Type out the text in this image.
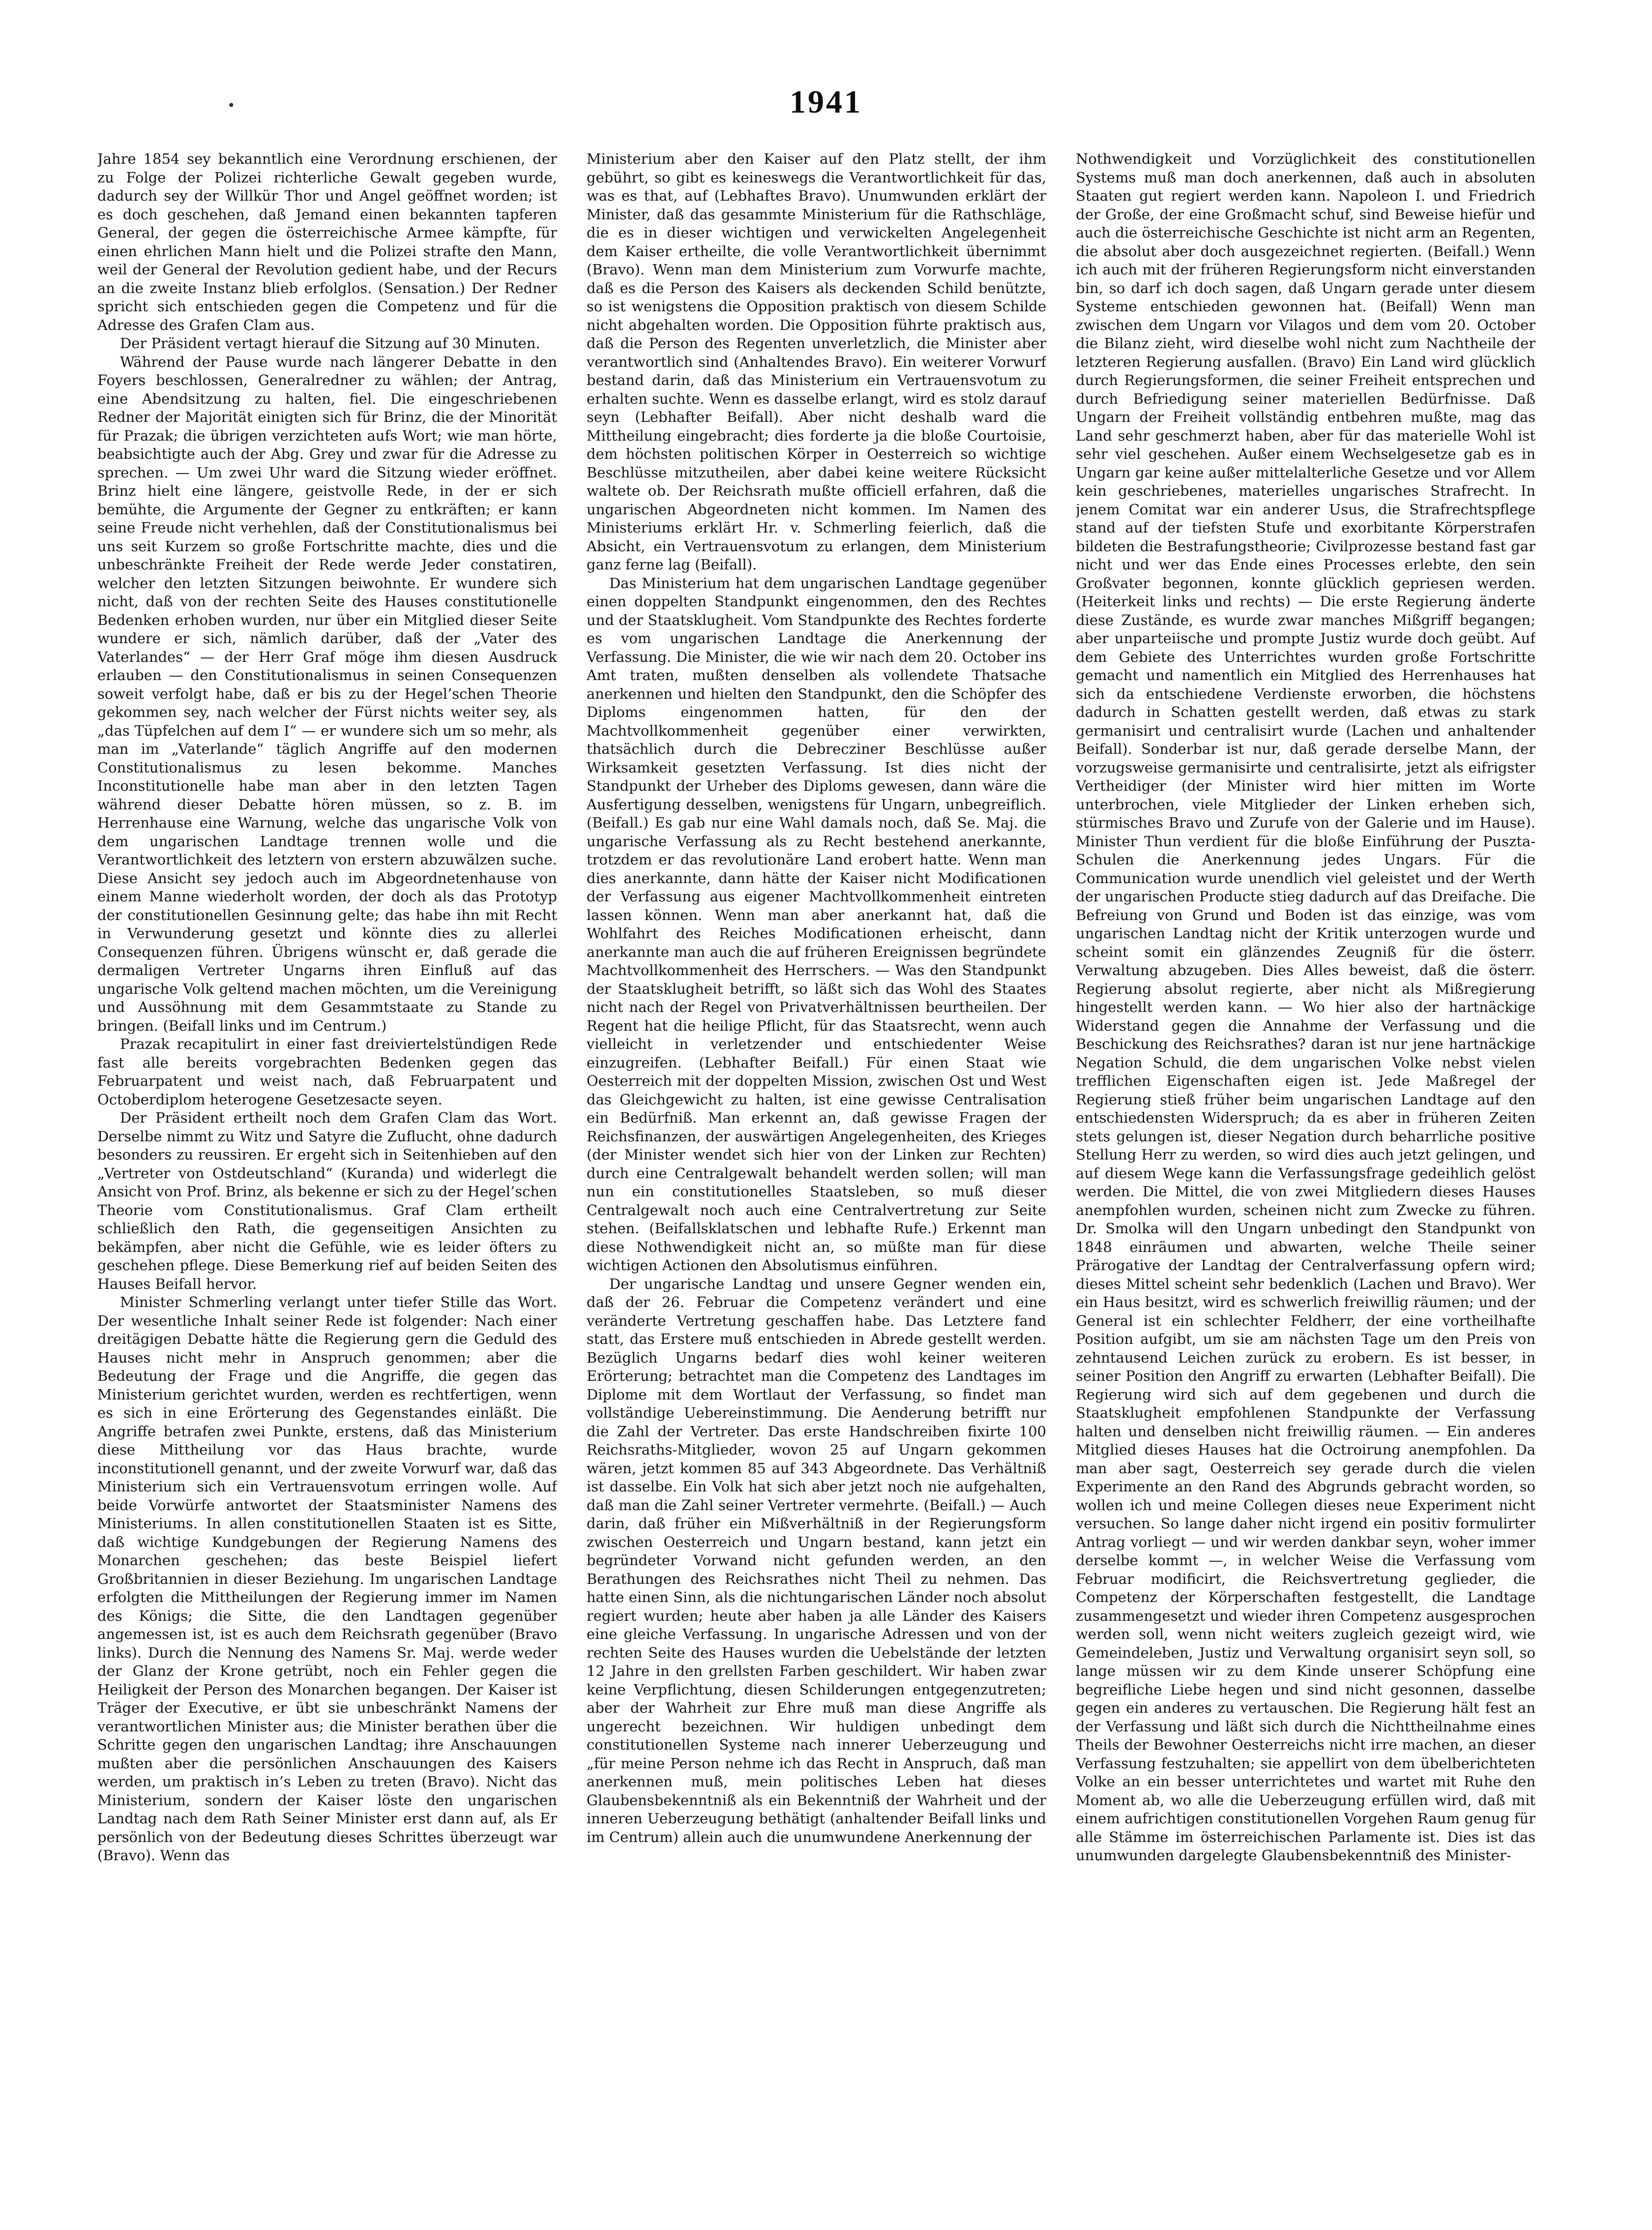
•	1941

Jahre 1854 sey bekanntlich eine Verordnung erschienen, der zu Folge der Polizei richterliche Gewalt gegeben wurde, dadurch sey der Willkür Thor und Angel geöffnet worden; ist es doch geschehen, daß Jemand einen bekannten tapferen General, der gegen die österreichische Armee kämpfte, für einen ehrlichen Mann hielt und die Polizei strafte den Mann, weil der General der Revolution gedient habe, und der Recurs an die zweite Instanz blieb erfolglos. (Sensation.) Der Redner spricht sich entschieden gegen die Competenz und für die Adresse des Grafen Clam aus.

Der Präsident vertagt hierauf die Sitzung auf 30 Minuten.

Während der Pause wurde nach längerer Debatte in den Foyers beschlossen, Generalredner zu wählen; der Antrag, eine Abendsitzung zu halten, fiel. Die eingeschriebenen Redner der Majorität einigten sich für Brinz, die der Minorität für Prazak; die übrigen verzichteten aufs Wort; wie man hörte, beabsichtigte auch der Abg. Grey und zwar für die Adresse zu sprechen. — Um zwei Uhr ward die Sitzung wieder eröffnet. Brinz hielt eine längere, geistvolle Rede, in der er sich bemühte, die Argumente der Gegner zu entkräften; er kann seine Freude nicht verhehlen, daß der Constitutionalismus bei uns seit Kurzem so große Fortschritte machte, dies und die unbeschränkte Freiheit der Rede werde Jeder constatiren, welcher den letzten Sitzungen beiwohnte. Er wundere sich nicht, daß von der rechten Seite des Hauses constitutionelle Bedenken erhoben wurden, nur über ein Mitglied dieser Seite wundere er sich, nämlich darüber, daß der „Vater des Vaterlandes“ — der Herr Graf möge ihm diesen Ausdruck erlauben — den Constitutionalismus in seinen Consequenzen soweit verfolgt habe, daß er bis zu der Hegel’schen Theorie gekommen sey, nach welcher der Fürst nichts weiter sey, als „das Tüpfelchen auf dem I“ — er wundere sich um so mehr, als man im „Vaterlande“ täglich Angriffe auf den modernen Constitutionalismus zu lesen bekomme. Manches Inconstitutionelle habe man aber in den letzten Tagen während dieser Debatte hören müssen, so z. B. im Herrenhause eine Warnung, welche das ungarische Volk von dem ungarischen Landtage trennen wolle und die Verantwortlichkeit des letztern von erstern abzuwälzen suche. Diese Ansicht sey jedoch auch im Abgeordnetenhause von einem Manne wiederholt worden, der doch als das Prototyp der constitutionellen Gesinnung gelte; das habe ihn mit Recht in Verwunderung gesetzt und könnte dies zu allerlei Consequenzen führen. Übrigens wünscht er, daß gerade die dermaligen Vertreter Ungarns ihren Einfluß auf das ungarische Volk geltend machen möchten, um die Vereinigung und Aussöhnung mit dem Gesammtstaate zu Stande zu bringen. (Beifall links und im Centrum.)

Prazak recapitulirt in einer fast dreiviertelstündigen Rede fast alle bereits vorgebrachten Bedenken gegen das Februarpatent und weist nach, daß Februarpatent und Octoberdiplom heterogene Gesetzesacte seyen.

Der Präsident ertheilt noch dem Grafen Clam das Wort. Derselbe nimmt zu Witz und Satyre die Zuflucht, ohne dadurch besonders zu reussiren. Er ergeht sich in Seitenhieben auf den „Vertreter von Ostdeutschland“ (Kuranda) und widerlegt die Ansicht von Prof. Brinz, als bekenne er sich zu der Hegel’schen Theorie vom Constitutionalismus. Graf Clam ertheilt schließlich den Rath, die gegenseitigen Ansichten zu bekämpfen, aber nicht die Gefühle, wie es leider öfters zu geschehen pflege. Diese Bemerkung rief auf beiden Seiten des Hauses Beifall hervor.

Minister Schmerling verlangt unter tiefer Stille das Wort. Der wesentliche Inhalt seiner Rede ist folgender: Nach einer dreitägigen Debatte hätte die Regierung gern die Geduld des Hauses nicht mehr in Anspruch genommen; aber die Bedeutung der Frage und die Angriffe, die gegen das Ministerium gerichtet wurden, werden es rechtfertigen, wenn es sich in eine Erörterung des Gegenstandes einläßt. Die Angriffe betrafen zwei Punkte, erstens, daß das Ministerium diese Mittheilung vor das Haus brachte, wurde inconstitutionell genannt, und der zweite Vorwurf war, daß das Ministerium sich ein Vertrauensvotum erringen wolle. Auf beide Vorwürfe antwortet der Staatsminister Namens des Ministeriums. In allen constitutionellen Staaten ist es Sitte, daß wichtige Kundgebungen der Regierung Namens des Monarchen geschehen; das beste Beispiel liefert Großbritannien in dieser Beziehung. Im ungarischen Landtage erfolgten die Mittheilungen der Regierung immer im Namen des Königs; die Sitte, die den Landtagen gegenüber angemessen ist, ist es auch dem Reichsrath gegenüber (Bravo links). Durch die Nennung des Namens Sr. Maj. werde weder der Glanz der Krone getrübt, noch ein Fehler gegen die Heiligkeit der Person des Monarchen begangen. Der Kaiser ist Träger der Executive, er übt sie unbeschränkt Namens der verantwortlichen Minister aus; die Minister berathen über die Schritte gegen den ungarischen Landtag; ihre Anschauungen mußten aber die persönlichen Anschauungen des Kaisers werden, um praktisch in’s Leben zu treten (Bravo). Nicht das Ministerium, sondern der Kaiser löste den ungarischen Landtag nach dem Rath Seiner Minister erst dann auf, als Er persönlich von der Bedeutung dieses Schrittes überzeugt war (Bravo). Wenn das

Ministerium aber den Kaiser auf den Platz stellt, der ihm gebührt, so gibt es keineswegs die Verantwortlichkeit für das, was es that, auf (Lebhaftes Bravo). Unumwunden erklärt der Minister, daß das gesammte Ministerium für die Rathschläge, die es in dieser wichtigen und verwickelten Angelegenheit dem Kaiser ertheilte, die volle Verantwortlichkeit übernimmt (Bravo). Wenn man dem Ministerium zum Vorwurfe machte, daß es die Person des Kaisers als deckenden Schild benützte, so ist wenigstens die Opposition praktisch von diesem Schilde nicht abgehalten worden. Die Opposition führte praktisch aus, daß die Person des Regenten unverletzlich, die Minister aber verantwortlich sind (Anhaltendes Bravo). Ein weiterer Vorwurf bestand darin, daß das Ministerium ein Vertrauensvotum zu erhalten suchte. Wenn es dasselbe erlangt, wird es stolz darauf seyn (Lebhafter Beifall). Aber nicht deshalb ward die Mittheilung eingebracht; dies forderte ja die bloße Courtoisie, dem höchsten politischen Körper in Oesterreich so wichtige Beschlüsse mitzutheilen, aber dabei keine weitere Rücksicht waltete ob. Der Reichsrath mußte officiell erfahren, daß die ungarischen Abgeordneten nicht kommen. Im Namen des Ministeriums erklärt Hr. v. Schmerling feierlich, daß die Absicht, ein Vertrauensvotum zu erlangen, dem Ministerium ganz ferne lag (Beifall).

Das Ministerium hat dem ungarischen Landtage gegenüber einen doppelten Standpunkt eingenommen, den des Rechtes und der Staatsklugheit. Vom Standpunkte des Rechtes forderte es vom ungarischen Landtage die Anerkennung der Verfassung. Die Minister, die wie wir nach dem 20. October ins Amt traten, mußten denselben als vollendete Thatsache anerkennen und hielten den Standpunkt, den die Schöpfer des Diploms eingenommen hatten, für den der Machtvollkommenheit gegenüber einer verwirkten, thatsächlich durch die Debrecziner Beschlüsse außer Wirksamkeit gesetzten Verfassung. Ist dies nicht der Standpunkt der Urheber des Diploms gewesen, dann wäre die Ausfertigung desselben, wenigstens für Ungarn, unbegreiflich. (Beifall.) Es gab nur eine Wahl damals noch, daß Se. Maj. die ungarische Verfassung als zu Recht bestehend anerkannte, trotzdem er das revolutionäre Land erobert hatte. Wenn man dies anerkannte, dann hätte der Kaiser nicht Modificationen der Verfassung aus eigener Machtvollkommenheit eintreten lassen können. Wenn man aber anerkannt hat, daß die Wohlfahrt des Reiches Modificationen erheischt, dann anerkannte man auch die auf früheren Ereignissen begründete Machtvollkommenheit des Herrschers. — Was den Standpunkt der Staatsklugheit betrifft, so läßt sich das Wohl des Staates nicht nach der Regel von Privatverhältnissen beurtheilen. Der Regent hat die heilige Pflicht, für das Staatsrecht, wenn auch vielleicht in verletzender und entschiedenter Weise einzugreifen. (Lebhafter Beifall.) Für einen Staat wie Oesterreich mit der doppelten Mission, zwischen Ost und West das Gleichgewicht zu halten, ist eine gewisse Centralisation ein Bedürfniß. Man erkennt an, daß gewisse Fragen der Reichsfinanzen, der auswärtigen Angelegenheiten, des Krieges (der Minister wendet sich hier von der Linken zur Rechten) durch eine Centralgewalt behandelt werden sollen; will man nun ein constitutionelles Staatsleben, so muß dieser Centralgewalt noch auch eine Centralvertretung zur Seite stehen. (Beifallsklatschen und lebhafte Rufe.) Erkennt man diese Nothwendigkeit nicht an, so müßte man für diese wichtigen Actionen den Absolutismus einführen.

Der ungarische Landtag und unsere Gegner wenden ein, daß der 26. Februar die Competenz verändert und eine veränderte Vertretung geschaffen habe. Das Letztere fand statt, das Erstere muß entschieden in Abrede gestellt werden. Bezüglich Ungarns bedarf dies wohl keiner weiteren Erörterung; betrachtet man die Competenz des Landtages im Diplome mit dem Wortlaut der Verfassung, so findet man vollständige Uebereinstimmung. Die Aenderung betrifft nur die Zahl der Vertreter. Das erste Handschreiben fixirte 100 Reichsraths-Mitglieder, wovon 25 auf Ungarn gekommen wären, jetzt kommen 85 auf 343 Abgeordnete. Das Verhältniß ist dasselbe. Ein Volk hat sich aber jetzt noch nie aufgehalten, daß man die Zahl seiner Vertreter vermehrte. (Beifall.) — Auch darin, daß früher ein Mißverhältniß in der Regierungsform zwischen Oesterreich und Ungarn bestand, kann jetzt ein begründeter Vorwand nicht gefunden werden, an den Berathungen des Reichsrathes nicht Theil zu nehmen. Das hatte einen Sinn, als die nichtungarischen Länder noch absolut regiert wurden; heute aber haben ja alle Länder des Kaisers eine gleiche Verfassung. In ungarische Adressen und von der rechten Seite des Hauses wurden die Uebelstände der letzten 12 Jahre in den grellsten Farben geschildert. Wir haben zwar keine Verpflichtung, diesen Schilderungen entgegenzutreten; aber der Wahrheit zur Ehre muß man diese Angriffe als ungerecht bezeichnen. Wir huldigen unbedingt dem constitutionellen Systeme nach innerer Ueberzeugung und „für meine Person nehme ich das Recht in Anspruch, daß man anerkennen muß, mein politisches Leben hat dieses Glaubensbekenntniß als ein Bekenntniß der Wahrheit und der inneren Ueberzeugung bethätigt (anhaltender Beifall links und im Centrum) allein auch die unumwundene Anerkennung der

Nothwendigkeit und Vorzüglichkeit des constitutionellen Systems muß man doch anerkennen, daß auch in absoluten Staaten gut regiert werden kann. Napoleon I. und Friedrich der Große, der eine Großmacht schuf, sind Beweise hiefür und auch die österreichische Geschichte ist nicht arm an Regenten, die absolut aber doch ausgezeichnet regierten. (Beifall.) Wenn ich auch mit der früheren Regierungsform nicht einverstanden bin, so darf ich doch sagen, daß Ungarn gerade unter diesem Systeme entschieden gewonnen hat. (Beifall) Wenn man zwischen dem Ungarn vor Vilagos und dem vom 20. October die Bilanz zieht, wird dieselbe wohl nicht zum Nachtheile der letzteren Regierung ausfallen. (Bravo) Ein Land wird glücklich durch Regierungsformen, die seiner Freiheit entsprechen und durch Befriedigung seiner materiellen Bedürfnisse. Daß Ungarn der Freiheit vollständig entbehren mußte, mag das Land sehr geschmerzt haben, aber für das materielle Wohl ist sehr viel geschehen. Außer einem Wechselgesetze gab es in Ungarn gar keine außer mittelalterliche Gesetze und vor Allem kein geschriebenes, materielles ungarisches Strafrecht. In jenem Comitat war ein anderer Usus, die Strafrechtspflege stand auf der tiefsten Stufe und exorbitante Körperstrafen bildeten die Bestrafungstheorie; Civilprozesse bestand fast gar nicht und wer das Ende eines Processes erlebte, den sein Großvater begonnen, konnte glücklich gepriesen werden. (Heiterkeit links und rechts) — Die erste Regierung änderte diese Zustände, es wurde zwar manches Mißgriff begangen; aber unparteiische und prompte Justiz wurde doch geübt. Auf dem Gebiete des Unterrichtes wurden große Fortschritte gemacht und namentlich ein Mitglied des Herrenhauses hat sich da entschiedene Verdienste erworben, die höchstens dadurch in Schatten gestellt werden, daß etwas zu stark germanisirt und centralisirt wurde (Lachen und anhaltender Beifall). Sonderbar ist nur, daß gerade derselbe Mann, der vorzugsweise germanisirte und centralisirte, jetzt als eifrigster Vertheidiger (der Minister wird hier mitten im Worte unterbrochen, viele Mitglieder der Linken erheben sich, stürmisches Bravo und Zurufe von der Galerie und im Hause). Minister Thun verdient für die bloße Einführung der Puszta-Schulen die Anerkennung jedes Ungars. Für die Communication wurde unendlich viel geleistet und der Werth der ungarischen Producte stieg dadurch auf das Dreifache. Die Befreiung von Grund und Boden ist das einzige, was vom ungarischen Landtag nicht der Kritik unterzogen wurde und scheint somit ein glänzendes Zeugniß für die österr. Verwaltung abzugeben. Dies Alles beweist, daß die österr. Regierung absolut regierte, aber nicht als Mißregierung hingestellt werden kann. — Wo hier also der hartnäckige Widerstand gegen die Annahme der Verfassung und die Beschickung des Reichsrathes? daran ist nur jene hartnäckige Negation Schuld, die dem ungarischen Volke nebst vielen trefflichen Eigenschaften eigen ist. Jede Maßregel der Regierung stieß früher beim ungarischen Landtage auf den entschiedensten Widerspruch; da es aber in früheren Zeiten stets gelungen ist, dieser Negation durch beharrliche positive Stellung Herr zu werden, so wird dies auch jetzt gelingen, und auf diesem Wege kann die Verfassungsfrage gedeihlich gelöst werden. Die Mittel, die von zwei Mitgliedern dieses Hauses anempfohlen wurden, scheinen nicht zum Zwecke zu führen. Dr. Smolka will den Ungarn unbedingt den Standpunkt von 1848 einräumen und abwarten, welche Theile seiner Prärogative der Landtag der Centralverfassung opfern wird; dieses Mittel scheint sehr bedenklich (Lachen und Bravo). Wer ein Haus besitzt, wird es schwerlich freiwillig räumen; und der General ist ein schlechter Feldherr, der eine vortheilhafte Position aufgibt, um sie am nächsten Tage um den Preis von zehntausend Leichen zurück zu erobern. Es ist besser, in seiner Position den Angriff zu erwarten (Lebhafter Beifall). Die Regierung wird sich auf dem gegebenen und durch die Staatsklugheit empfohlenen Standpunkte der Verfassung halten und denselben nicht freiwillig räumen. — Ein anderes Mitglied dieses Hauses hat die Octroirung anempfohlen. Da man aber sagt, Oesterreich sey gerade durch die vielen Experimente an den Rand des Abgrunds gebracht worden, so wollen ich und meine Collegen dieses neue Experiment nicht versuchen. So lange daher nicht irgend ein positiv formulirter Antrag vorliegt — und wir werden dankbar seyn, woher immer derselbe kommt —, in welcher Weise die Verfassung vom Februar modificirt, die Reichsvertretung geglieder, die Competenz der Körperschaften festgestellt, die Landtage zusammengesetzt und wieder ihren Competenz ausgesprochen werden soll, wenn nicht weiters zugleich gezeigt wird, wie Gemeindeleben, Justiz und Verwaltung organisirt seyn soll, so lange müssen wir zu dem Kinde unserer Schöpfung eine begreifliche Liebe hegen und sind nicht gesonnen, dasselbe gegen ein anderes zu vertauschen. Die Regierung hält fest an der Verfassung und läßt sich durch die Nichttheilnahme eines Theils der Bewohner Oesterreichs nicht irre machen, an dieser Verfassung festzuhalten; sie appellirt von dem übelberichteten Volke an ein besser unterrichtetes und wartet mit Ruhe den Moment ab, wo alle die Ueberzeugung erfüllen wird, daß mit einem aufrichtigen constitutionellen Vorgehen Raum genug für alle Stämme im österreichischen Parlamente ist. Dies ist das unumwunden dargelegte Glaubensbekenntniß des Minister-
